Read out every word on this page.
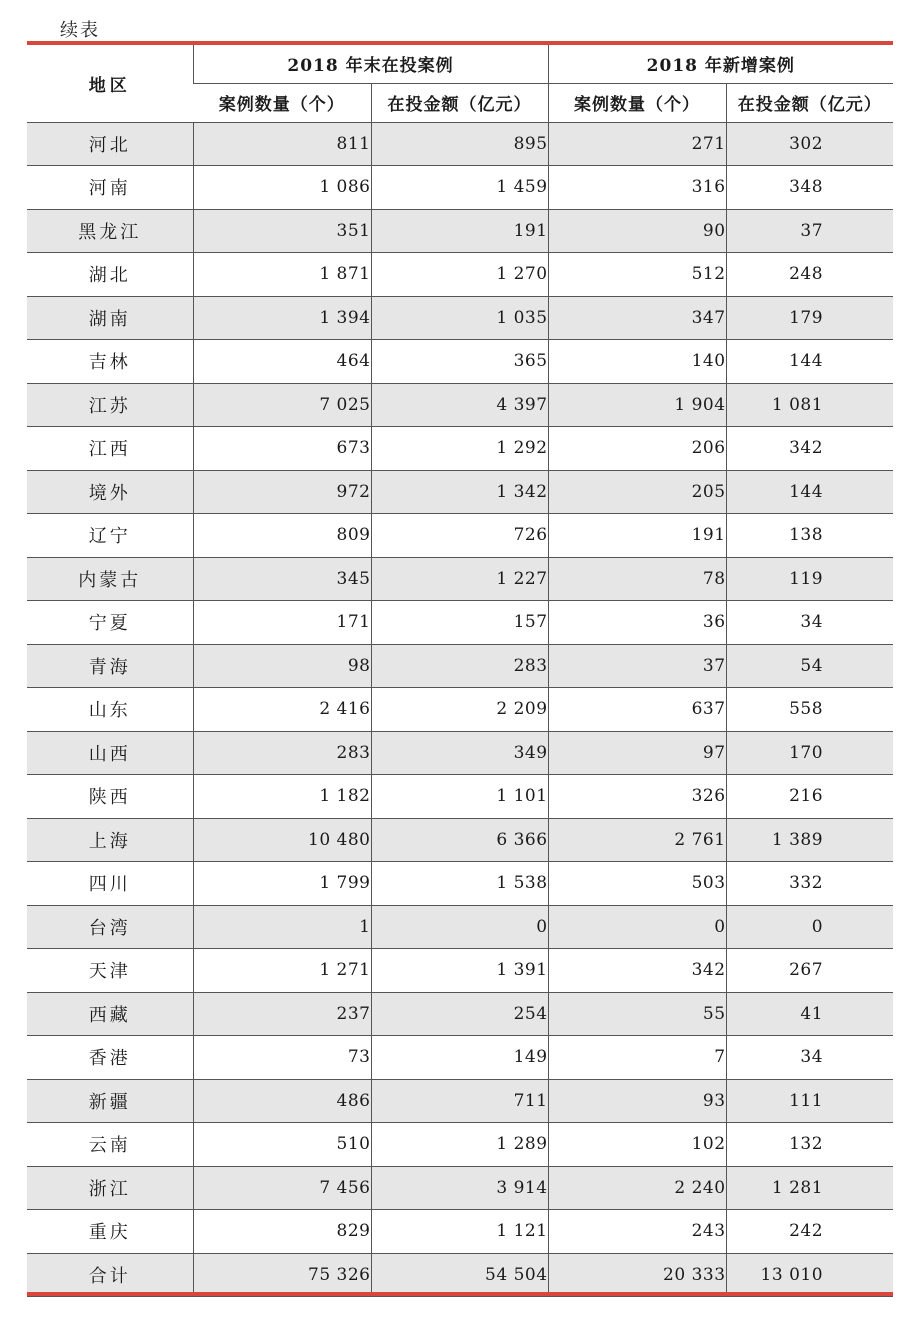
续表
地区	2018 年末在投案例		2018 年新增案例	
	案例数量（个）	在投金额（亿元）	案例数量（个）	在投金额（亿元）
河北	811	895	271	302
河南	1 086	1 459	316	348
黑龙江	351	191	90	37
湖北	1 871	1 270	512	248
湖南	1 394	1 035	347	179
吉林	464	365	140	144
江苏	7 025	4 397	1 904	1 081
江西	673	1 292	206	342
境外	972	1 342	205	144
辽宁	809	726	191	138
内蒙古	345	1 227	78	119
宁夏	171	157	36	34
青海	98	283	37	54
山东	2 416	2 209	637	558
山西	283	349	97	170
陕西	1 182	1 101	326	216
上海	10 480	6 366	2 761	1 389
四川	1 799	1 538	503	332
台湾	1	0	0	0
天津	1 271	1 391	342	267
西藏	237	254	55	41
香港	73	149	7	34
新疆	486	711	93	111
云南	510	1 289	102	132
浙江	7 456	3 914	2 240	1 281
重庆	829	1 121	243	242
合计	75 326	54 504	20 333	13 010
